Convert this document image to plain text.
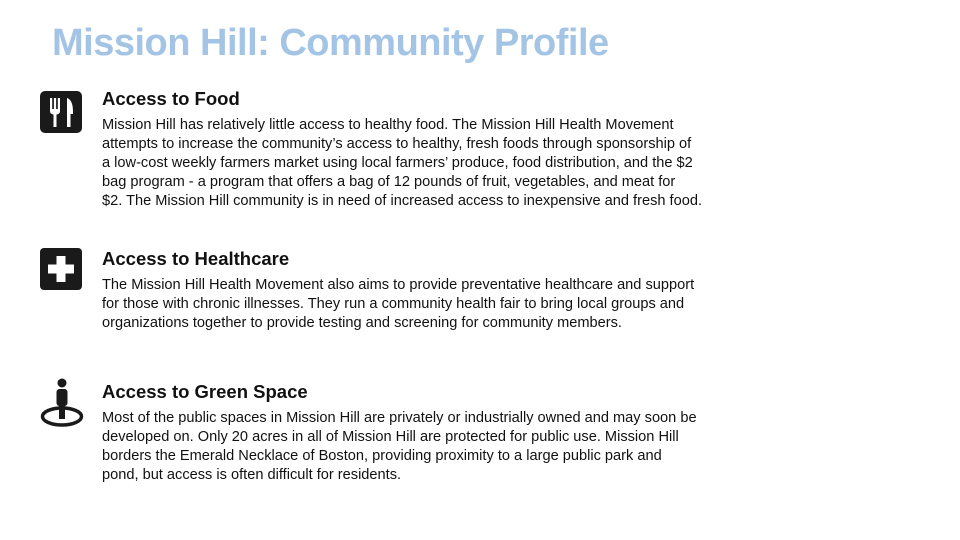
Mission Hill: Community Profile
Access to Food

Mission Hill has relatively little access to healthy food. The Mission Hill Health Movement
attempts to increase the community’s access to healthy, fresh foods through sponsorship of
a low-cost weekly farmers market using local farmers’ produce, food distribution, and the $2
bag program - a program that offers a bag of 12 pounds of fruit, vegetables, and meat for
$2. The Mission Hill community is in need of increased access to inexpensive and fresh food.

Access to Healthcare

The Mission Hill Health Movement also aims to provide preventative healthcare and support
for those with chronic illnesses. They run a community health fair to bring local groups and
organizations together to provide testing and screening for community members.

Access to Green Space

Most of the public spaces in Mission Hill are privately or industrially owned and may soon be
developed on. Only 20 acres in all of Mission Hill are protected for public use. Mission Hill
borders the Emerald Necklace of Boston, providing proximity to a large public park and
pond, but access is often difficult for residents.
